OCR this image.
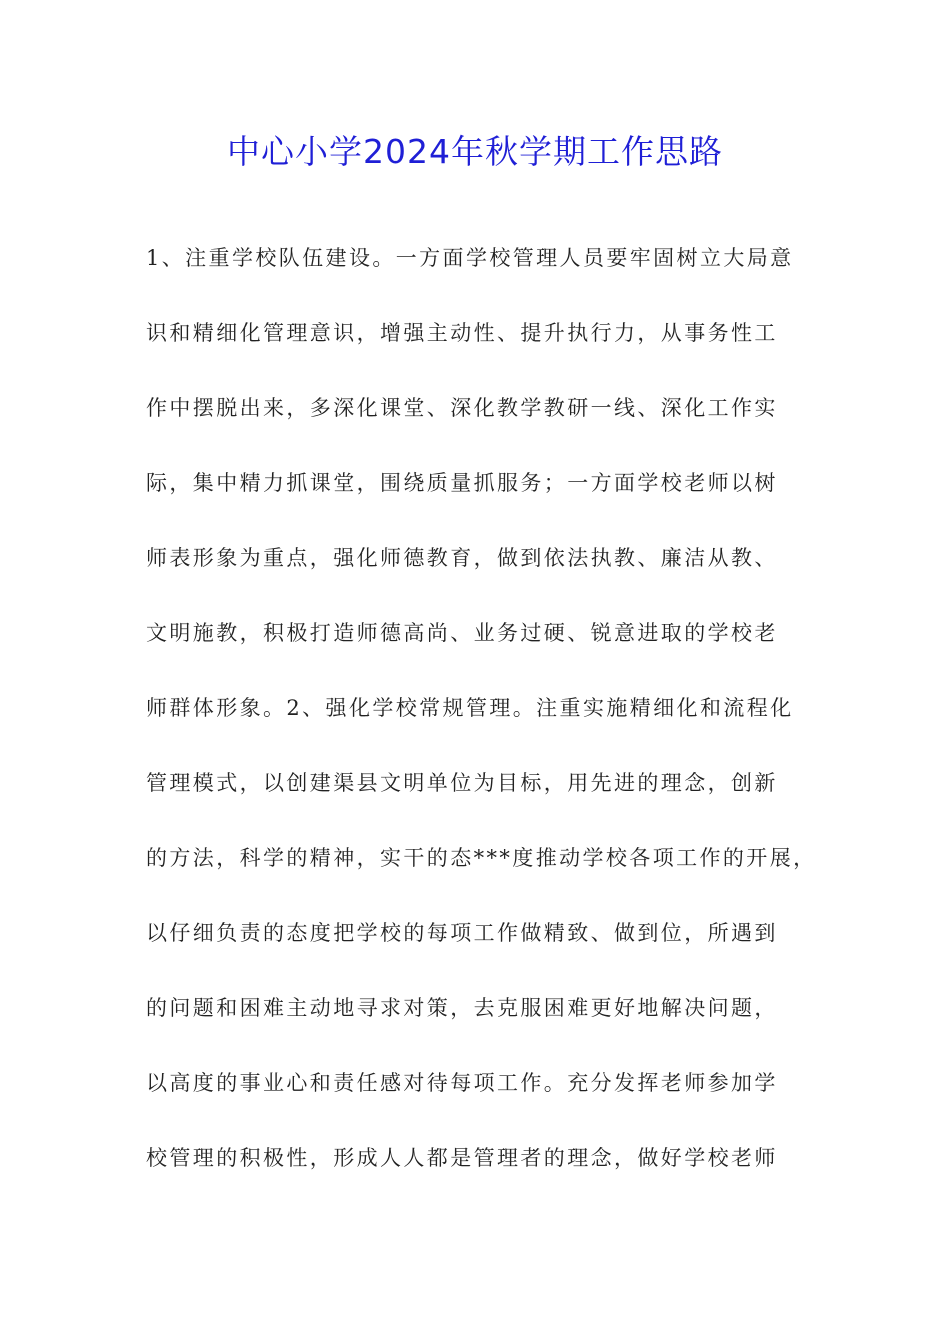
中心小学2024年秋学期工作思路
1、注重学校队伍建设。一方面学校管理人员要牢固树立大局意
识和精细化管理意识，增强主动性、提升执行力，从事务性工
作中摆脱出来，多深化课堂、深化教学教研一线、深化工作实
际，集中精力抓课堂，围绕质量抓服务；一方面学校老师以树
师表形象为重点，强化师德教育，做到依法执教、廉洁从教、
文明施教，积极打造师德高尚、业务过硬、锐意进取的学校老
师群体形象。2、强化学校常规管理。注重实施精细化和流程化
管理模式，以创建渠县文明单位为目标，用先进的理念，创新
的方法，科学的精神，实干的态***度推动学校各项工作的开展，
以仔细负责的态度把学校的每项工作做精致、做到位，所遇到
的问题和困难主动地寻求对策，去克服困难更好地解决问题，
以高度的事业心和责任感对待每项工作。充分发挥老师参加学
校管理的积极性，形成人人都是管理者的理念，做好学校老师
